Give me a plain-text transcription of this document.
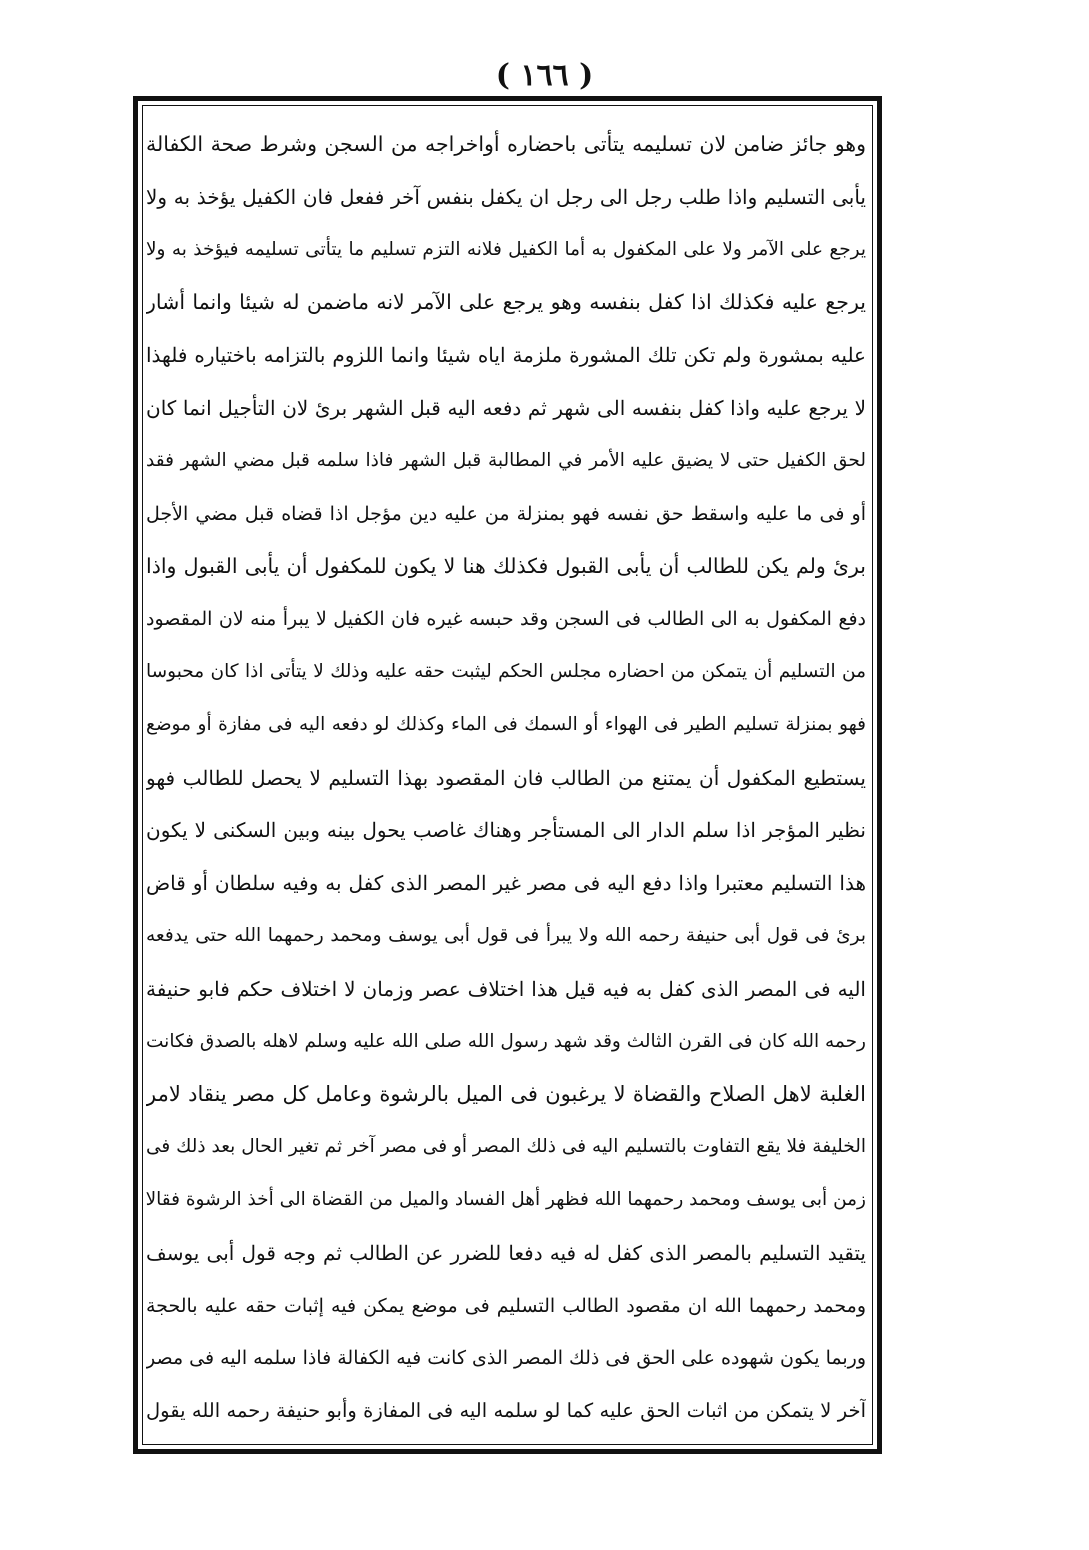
( ١٦٦ )
وهو جائز ضامن لان تسليمه يتأتى باحضاره أواخراجه من السجن وشرط صحة الكفالة
يأبى التسليم واذا طلب رجل الى رجل ان يكفل بنفس آخر ففعل فان الكفيل يؤخذ به ولا
يرجع على الآمر ولا على المكفول به أما الكفيل فلانه التزم تسليم ما يتأتى تسليمه فيؤخذ به ولا
يرجع عليه فكذلك اذا كفل بنفسه وهو يرجع على الآمر لانه ماضمن له شيئا وانما أشار
عليه بمشورة ولم تكن تلك المشورة ملزمة اياه شيئا وانما اللزوم بالتزامه باختياره فلهذا
لا يرجع عليه واذا كفل بنفسه الى شهر ثم دفعه اليه قبل الشهر برئ لان التأجيل انما كان
لحق الكفيل حتى لا يضيق عليه الأمر في المطالبة قبل الشهر فاذا سلمه قبل مضي الشهر فقد
أو فى ما عليه واسقط حق نفسه فهو بمنزلة من عليه دين مؤجل اذا قضاه قبل مضي الأجل
برئ ولم يكن للطالب أن يأبى القبول فكذلك هنا لا يكون للمكفول أن يأبى القبول واذا
دفع المكفول به الى الطالب فى السجن وقد حبسه غيره فان الكفيل لا يبرأ منه لان المقصود
من التسليم أن يتمكن من احضاره مجلس الحكم ليثبت حقه عليه وذلك لا يتأتى اذا كان محبوسا
فهو بمنزلة تسليم الطير فى الهواء أو السمك فى الماء وكذلك لو دفعه اليه فى مفازة أو موضع
يستطيع المكفول أن يمتنع من الطالب فان المقصود بهذا التسليم لا يحصل للطالب فهو
نظير المؤجر اذا سلم الدار الى المستأجر وهناك غاصب يحول بينه وبين السكنى لا يكون
هذا التسليم معتبرا واذا دفع اليه فى مصر غير المصر الذى كفل به وفيه سلطان أو قاض
برئ فى قول أبى حنيفة رحمه الله ولا يبرأ فى قول أبى يوسف ومحمد رحمهما الله حتى يدفعه
اليه فى المصر الذى كفل به فيه قيل هذا اختلاف عصر وزمان لا اختلاف حكم فابو حنيفة
رحمه الله كان فى القرن الثالث وقد شهد رسول الله صلى الله عليه وسلم لاهله بالصدق فكانت
الغلبة لاهل الصلاح والقضاة لا يرغبون فى الميل بالرشوة وعامل كل مصر ينقاد لامر
الخليفة فلا يقع التفاوت بالتسليم اليه فى ذلك المصر أو فى مصر آخر ثم تغير الحال بعد ذلك فى
زمن أبى يوسف ومحمد رحمهما الله فظهر أهل الفساد والميل من القضاة الى أخذ الرشوة فقالا
يتقيد التسليم بالمصر الذى كفل له فيه دفعا للضرر عن الطالب ثم وجه قول أبى يوسف
ومحمد رحمهما الله ان مقصود الطالب التسليم فى موضع يمكن فيه إثبات حقه عليه بالحجة
وربما يكون شهوده على الحق فى ذلك المصر الذى كانت فيه الكفالة فاذا سلمه اليه فى مصر
آخر لا يتمكن من اثبات الحق عليه كما لو سلمه اليه فى المفازة وأبو حنيفة رحمه الله يقول
